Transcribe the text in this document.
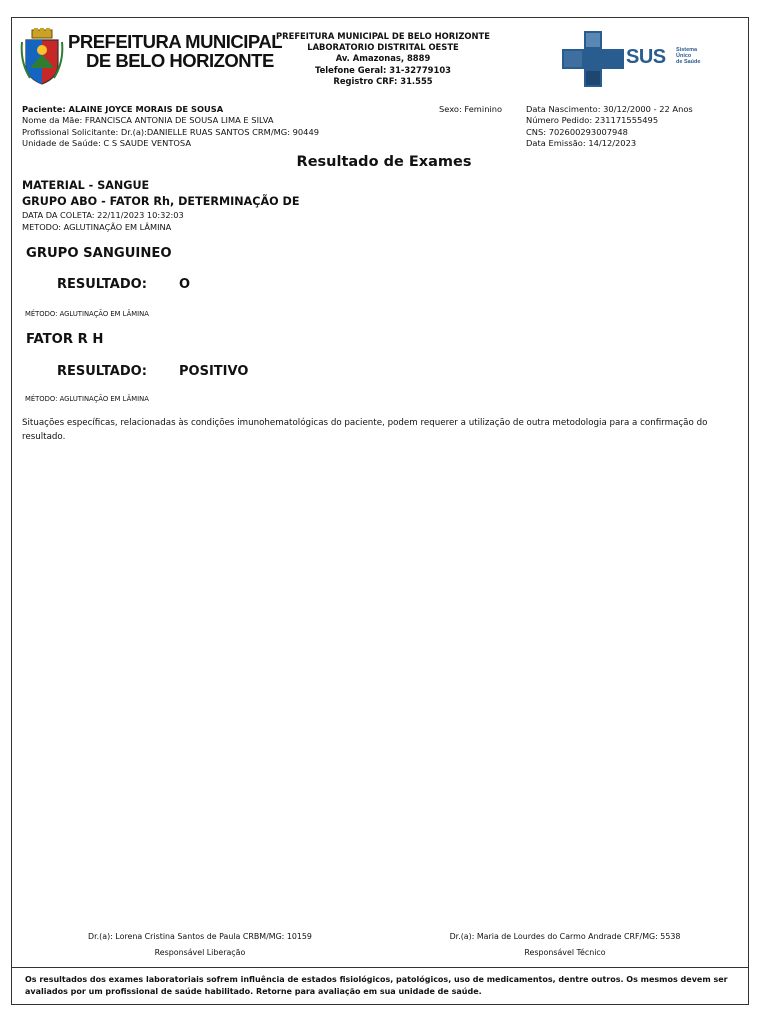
PREFEITURA MUNICIPAL
DE BELO HORIZONTE
PREFEITURA MUNICIPAL DE BELO HORIZONTE
LABORATORIO DISTRITAL OESTE
Av. Amazonas, 8889
Telefone Geral: 31-32779103
Registro CRF: 31.555
SUS Sistema
Único
de Saúde
Paciente: ALAINE JOYCE MORAIS DE SOUSA
Nome da Mãe: FRANCISCA ANTONIA DE SOUSA LIMA E SILVA
Profissional Solicitante: Dr.(a):DANIELLE RUAS SANTOS CRM/MG: 90449
Unidade de Saúde: C S SAUDE VENTOSA
Sexo: Feminino	Data Nascimento: 30/12/2000 - 22 Anos
Número Pedido: 231171555495
CNS: 702600293007948
Data Emissão: 14/12/2023
Resultado de Exames
MATERIAL - SANGUE
GRUPO ABO - FATOR Rh, DETERMINAÇÃO DE
DATA DA COLETA: 22/11/2023 10:32:03
METODO: AGLUTINAÇÃO EM LÂMINA
GRUPO SANGUINEO
RESULTADO: O
MÉTODO: AGLUTINAÇÃO EM LÂMINA
FATOR R H
RESULTADO: POSITIVO
MÉTODO: AGLUTINAÇÃO EM LÂMINA
Situações específicas, relacionadas às condições imunohematológicas do paciente, podem requerer a utilização de outra metodologia para a confirmação do resultado.
Dr.(a): Lorena Cristina Santos de Paula CRBM/MG: 10159
Responsável Liberação
Dr.(a): Maria de Lourdes do Carmo Andrade CRF/MG: 5538
Responsável Técnico
Os resultados dos exames laboratoriais sofrem influência de estados fisiológicos, patológicos, uso de medicamentos, dentre outros. Os mesmos devem ser avaliados por um profissional de saúde habilitado. Retorne para avaliação em sua unidade de saúde.
